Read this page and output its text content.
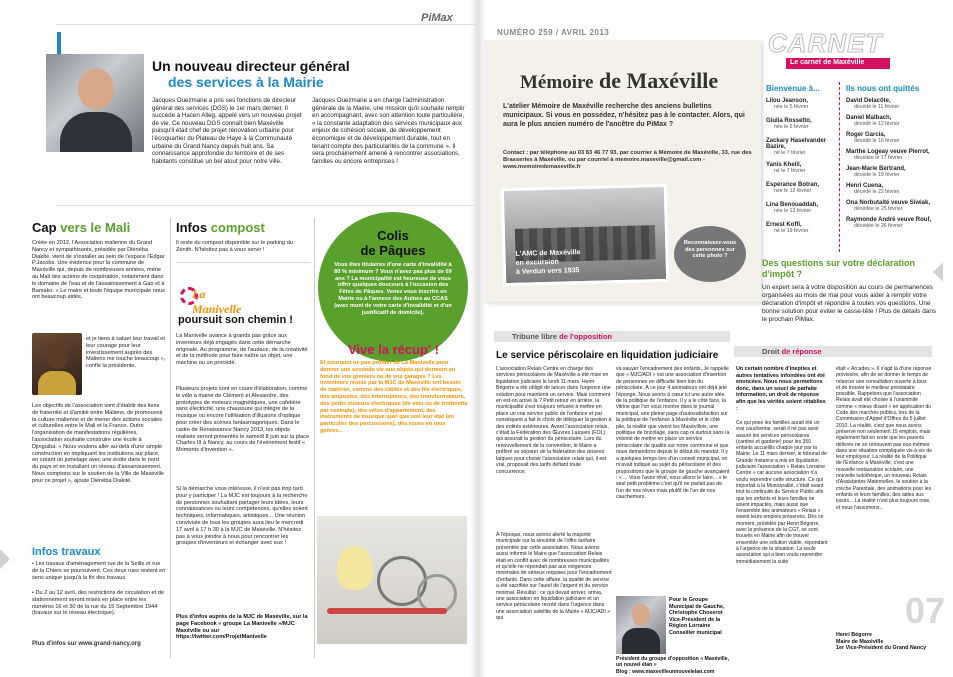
PiMax
Un nouveau directeur général
des services à la Mairie
Jacques Ouezmane a pris ses fonctions de directeur général des services (DGS) le 1er mars dernier. Il succède à Hacen Alleg, appelé vers un nouveau projet de vie. Ce nouveau DGS connaît bien Maxéville puisqu'il était chef de projet rénovation urbaine pour l'écoquartier du Plateau de Haye à la Communauté urbaine du Grand Nancy depuis huit ans. Sa connaissance approfondie du territoire et de ses habitants constitue un bel atout pour notre ville.
Jacques Ouezmane a en charge l'administration générale de la Mairie, une mission qu'il souhaite remplir en accompagnant, avec son attention toute particulière, « la constante adaptation des services municipaux aux enjeux de cohésion sociale, de développement économique et de développement durable, tout en tenant compte des particularités de la commune ». Il sera prochainement amené à rencontrer associations, familles ou encore entreprises !
Cap vers le Mali
Créée en 2012, l'Association malienne du Grand Nancy et sympathisants, présidée par Diénéba Diakité, vient de s'installer au sein de l'espace l'Edgar P.Jacobs. Une évidence pour la commune de Maxéville qui, depuis de nombreuses années, mène au Mali des actions de coopération, notamment dans le domaine de l'eau et de l'assainissement à Gao et à Bamako. « Le maire et toute l'équipe municipale nous ont beaucoup aidés,
et je tiens à saluer leur travail et leur courage pour leur investissement auprès des Maliens me touche beaucoup », confie la présidente.
Les objectifs de l'association sont d'établir des liens de fraternité et d'amitié entre Maliens, de promouvoir la culture malienne et de mener des actions sociales et culturelles entre le Mali et la France. Outre l'organisation de manifestations régulières, l'association souhaite construire une école à Djinguiba. « Nous voulons aller au-delà d'une simple construction en impliquant les institutions sur place, en créant un jumelage avec une école dans le nord du pays et en installant un réseau d'assainissement. Nous comptons sur le soutien de la Ville de Maxéville pour ce projet », ajoute Diénéba Diakité.
Infos travaux
• Les travaux d'aménagement rue de la Seille et rue de la Chiers se poursuivent. Ces deux rues restent en sens unique jusqu'à la fin des travaux.
• Du 2 au 12 avril, des restrictions de circulation et de stationnement seront mises en place entre les numéros 16 et 30 de la rue du 15 Septembre 1944 (travaux sur le réseau électrique).
Plus d'infos sur www.grand-nancy.org
Infos compost
Il reste du compost disponible sur le parking du Zénith. N'hésitez pas à vous servir !
La Manivelle
poursuit son chemin !
La Manivelle avance à grands pas grâce aux inventeurs déjà engagés dans cette démarche originale. Au programme, de l'audace, de la créativité et de la méthode pour faire naître un objet, une machine ou un procédé.
Plusieurs projets sont en cours d'élaboration, comme le vélo à maine de Clément et Alexandre, des prototypes de moteurs magnétiques, une cafetière sans électricité, une chaussure qui intègre de la musique ou encore l'utilisation d'illusions d'optique pour créer des scènes fantasmagoriques. Dans le cadre de Renaissance Nancy 2013, les objets réalisés seront présentés le samedi 8 juin sur la place Charles III à Nancy, au cours de l'événement festif « Moments d'invention ».
Si la démarche vous intéresse, il n'est pas trop tard pour y participer ! La MJC est toujours à la recherche de personnes souhaitant partager leurs idées, leurs connaissances ou leurs compétences, qu'elles soient techniques, informatiques, artistiques... Une réunion conviviale de tous les groupes aura lieu le mercredi 17 avril à 17 h 30 à la MJC de Maxéville. N'hésitez pas à vous joindre à nous pour rencontrer les groupes d'inventeurs et échanger avec eux !
Plus d'infos auprès de la MJC de Maxéville, sur la page Facebook « groupe La Manivelle »/MJC Maxéville ou sur https://twitter.com/ProjetManivelle
Colis
de Pâques
Vous êtes titulaires d'une carte d'invalidité à 80 % minimum ? Vous n'avez pas plus de 69 ans ? La municipalité est heureuse de vous offrir quelques douceurs à l'occasion des Fêtes de Pâques. Venez vous inscrire en Mairie ou à l'annexe des Aulnes au CCAS (avec muni de votre carte d'invalidité et d'un justificatif de domicile).
Vive la récup' !
Et pourquoi ne pas profiter de La Manivelle pour donner une seconde vie aux objets qui dorment au fond de vos greniers ou de vos garages ? Les inventeurs réunis par la MJC de Maxéville ont besoin de matériel, comme des câbles et des fils électriques, des ampoules, des interrupteurs, des transformateurs, des petits moteurs électriques (de vélo ou de trottinette par exemple), des vélos d'appartement, des instruments de musique quel que soit leur état (en particulier des percussions), des roues en tous genres...
NUMÉRO 259 / AVRIL 2013
Mémoire de Maxéville
L'atelier Mémoire de Maxéville recherche des anciens bulletins municipaux. Si vous en possédez, n'hésitez pas à le contacter. Alors, qui aura le plus ancien numéro de l'ancêtre du PiMax ?
Contact : par téléphone au 03 83 46 77 93, par courrier à Mémoire de Maxéville, 33, rue des Brasseries à Maxéville, ou par courriel à memoire.maxeville@gmail.com - www.memoiredemaxeville.fr
L'AMC de Maxéville
en excursion
à Verdun vers 1935
Reconnaissez-vous des personnes sur cette photo ?
CARNET
Le carnet de Maxéville
Bienvenue à...
Lilou Jeanson,
née le 5 février
Giulia Rossetto,
née le 6 février
Zackary Haselvander Bazire,
né le 7 février
Yanis Khelil,
né le 7 février
Espérance Botran,
née le 12 février
Lina Benouaddah,
née le 13 février
Ernest Koffi,
né le 19 février
Ils nous ont quittés
David Delacôte,
décédé le 11 février
Daniel Malbach,
décédé le 12 février
Roger Garcia,
décédé le 16 février
Marthe Logeay veuve Pierrot,
décédée le 17 février
Jean-Marie Bertrand,
décédé le 19 février
Henri Cuena,
décédé le 22 février
Ona Norbutaité veuve Siwiak,
décédée le 25 février
Raymonde André veuve Rouf,
décédée le 26 février
Des questions sur votre déclaration d'impôt ?
Un expert sera à votre disposition au cours de permanences organisées au mois de mai pour vous aider à remplir votre déclaration d'impôt et répondre à toutes vos questions. Une bonne solution pour éviter le casse-tête ! Plus de détails dans le prochain PiMax.
Tribune libre de l'opposition
Le service périscolaire en liquidation judiciaire
L'association Relais Centre en charge des services périscolaires de Maxéville a été mise en liquidation judiciaire le lundi 11 mars. Henri Bégorre a été obligé de lancer dans l'urgence une solution pour maintenir un service. Mais comment en est-on arrivé là ? Petit retour en arrière, la municipalité s'est toujours refusée à mettre en place un vrai service public de l'enfance et par conséquent a fait le choix de déléguer la gestion à des entités extérieures. Avant l'association relais, c'était la Fédération des Œuvres Laïques (FOL) qui assurait la gestion du périscolaire. Lors du renouvellement de la convention, le Maire a préféré se séparer de la fédération des œuvres laïques pour choisir l'association relais qui, il est vrai, proposait des tarifs défiant toute concurrence.
À l'époque, nous avions alerté la majorité municipale sur la sincérité de l'offre tarifaire présentée par cette association. Nous avions aussi informé le Maire que l'association Relais était en conflit avec de nombreuses municipalités et qu'elle ne répondait pas aux exigences minimales de sérieux requises pour l'encadrement d'enfants. Dans cette affaire, la qualité de service a été sacrifiée sur l'autel de l'argent et du service minimal. Résultat : ce qui devait arriver, arriva, une association en liquidation judiciaire et un service périscolaire recréé dans l'urgence dans une association satellite de la Mairie « MJC/ADI » qui
va sauver l'encadrement des enfants. Je rappelle que « MJC/ADI » est une association d'insertion de personnes en difficulté bien loin du périscolaire. À ce jour 4 animateurs ont déjà jeté l'éponge. Nous avons à cœur ici une autre idée de la politique de l'enfance. Il y a le côté face, la vitrine que l'on vous montre dans le journal municipal, une pleine page d'autosatisfaction sur la politique de l'enfance à Maxéville et le côté pile, la réalité que vivent les Maxévillois, une politique de bricolage, sans cap ni surtout sans la volonté de mettre en place un service périscolaire de qualité sur notre commune et que nous demandons depuis le début du mandat. Il y a quelques temps lors d'un conseil municipal, on m'avait indiqué au sujet du périscolaire et des propositions que le groupe de gauche avançaient : « ... Vous l'avez rêvé, nous allons le faire... » le seul petit problème c'est qu'il ne parlait pas de l'un de nos rêves mais plutôt de l'un de nos cauchemars.
Pour le Groupe Municipal de Gauche,
Christophe Choserot
Vice-Président de la Région Lorraine
Conseiller municipal
Président du groupe d'opposition « Maxéville, un nouvel élan »
Blog : www.maxevilleunnouvelelan.com
Droit de réponse
Un certain nombre d'inepties et autres tentatives infondées ont été énoncées. Nous nous permettons donc, dans un souci de parfaite information, un droit de réponse afin que les vérités soient rétablies :
Ce qui pose les familles aurait été un vrai cauchemar, serait-il ne pas avoir assuré les services périscolaires (cantine et garderie) pour les 350 enfants accueillis chaque jour par la Mairie. Le 11 mars dernier, le tribunal de Grande Instance a mis en liquidation judiciaire l'association « Relais Lorraine Centre » car aucune association n'a voulu reprendre cette structure. Ce qui importait à la Municipalité, c'était avant tout la continuité du Service Public afin que les enfants et leurs familles ne soient impactés, mais aussi que l'ensemble des animateurs « Relais » soient leurs emplois préservés. Dès ce moment, présidés par Henri Bégorre, avec la présence de la CGT, se sont trouvés en Mairie afin de trouver ensemble une solution viable, répondant à l'urgence de la situation. La seule association qui a bien voulu reprendre immédiatement la suite
était « Arcades ». Il s'agit là d'une réponse provisoire, afin de se donner le temps de relancer une consultation ouverte à tous et de trouver le meilleur prestataire possible. Rappelons que l'association Relais avait été choisie à l'unanimité comme « mieux disant » en application du Code des marchés publics, lors de la Commission d'Appel d'Offres du 5 juillet 2010. La réalité, c'est que nous avons préservé non seulement 15 emplois, mais également fait en sorte que les parents délivrés ne se retrouvent pas eux-mêmes dans une situation compliquée vis-à-vis de leur employeur. La réalité de la Politique de l'Enfance à Maxéville, c'est une nouvelle restauration scolaire, une nouvelle ludothèque, un nouveau Relais d'Assistantes Maternelles, le soutien à la crèche Parentale, des animations pour les enfants et leurs familles, des aides aux loisirs... La réalité n'est plus toujours rose, et nous l'assumons...
Henri Bégorre
Maire de Maxéville
1er Vice-Président du Grand Nancy
07
